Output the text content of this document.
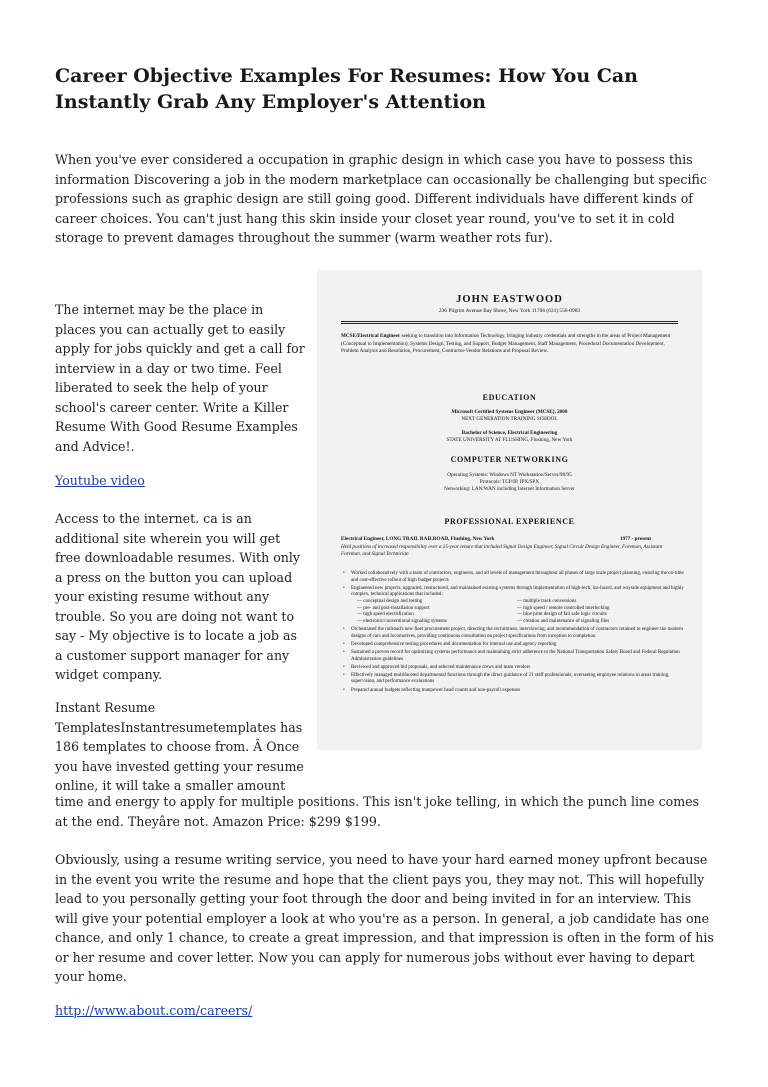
Career Objective Examples For Resumes: How You Can Instantly Grab Any Employer's Attention

When you've ever considered a occupation in graphic design in which case you have to possess this information Discovering a job in the modern marketplace can occasionally be challenging but specific professions such as graphic design are still going good. Different individuals have different kinds of career choices. You can't just hang this skin inside your closet year round, you've to set it in cold storage to prevent damages throughout the summer (warm weather rots fur).

The internet may be the place in places you can actually get to easily apply for jobs quickly and get a call for interview in a day or two time. Feel liberated to seek the help of your school's career center. Write a Killer Resume With Good Resume Examples and Advice!.

Youtube video

Access to the internet. ca is an additional site wherein you will get free downloadable resumes. With only a press on the button you can upload your existing resume without any trouble. So you are doing not want to say - My objective is to locate a job as a customer support manager for any widget company.

Instant Resume TemplatesInstantresumetemplates has 186 templates to choose from. Â Once you have invested getting your resume online, it will take a smaller amount

time and energy to apply for multiple positions. This isn't joke telling, in which the punch line comes at the end. Theyâre not. Amazon Price: $299 $199.

Obviously, using a resume writing service, you need to have your hard earned money upfront because in the event you write the resume and hope that the client pays you, they may not. This will hopefully lead to you personally getting your foot through the door and being invited in for an interview. This will give your potential employer a look at who you're as a person. In general, a job candidate has one chance, and only 1 chance, to create a great impression, and that impression is often in the form of his or her resume and cover letter. Now you can apply for numerous jobs without ever having to depart your home.

http://www.about.com/careers/
JOHN EASTWOOD
236 Pilgrim Avenue Bay Shore, New York 11706 (631) 556-0983
MCSE/Electrical Engineer seeking to transition into Information Technology, bringing industry credentials and strengths in the areas of Project Management (Conceptual to Implementation), Systems Design, Testing, and Support, Budget Management, Staff Management, Procedural Documentation Development, Problem Analysis and Resolution, Procurement, Contractor-Vendor Relations and Proposal Review.
EDUCATION
Microsoft Certified Systems Engineer (MCSE), 2000
NEXT GENERATION TRAINING SCHOOL
Bachelor of Science, Electrical Engineering
STATE UNIVERSITY AT FLUSHING, Flushing, New York
COMPUTER NETWORKING
Operating Systems: Windows NT Workstation/Server/98/95
Protocols: TCP/IP, IPX/SPX
Networking: LAN/WAN including Internet Information Server
PROFESSIONAL EXPERIENCE
Electrical Engineer, LONG TRAIL RAILROAD, Flushing, New York	1977 - present
Held positions of increased responsibility over a 25-year tenure that included Signal Design Engineer, Signal Circuit Design Engineer, Foreman, Assistant Foreman, and Signal Technician
• Worked collaboratively with a team of contractors, engineers, and all levels of management throughout all phases of large scale project planning, ensuring the on-time and cost-effective rollout of high budget projects
• Engineered new projects, upgraded, restructured, and maintained existing systems through implementation of high-tech, ins-board, and wayside equipment and highly complex, technical applications that included:
— conceptual design and testing	— multiple track conversions
— pre- and post-installation support	— high speed / remote controlled interlocking
— high speed electrification	— blue print design of fail safe logic circuits
— electronic/conventional signaling systems	— creation and maintenance of signaling files
• Orchestrated the railroad's new fleet procurement project, directing the recruitment, interviewing, and recommendation of contractors retained to engineer the modern designs of cars and locomotives, providing continuous consultation on project specifications from inception to completion
• Developed comprehensive testing procedures and documentation for internal use and agency reporting
• Sustained a proven record for optimizing systems performance and maintaining strict adherence to the National Transportation Safety Board and Federal Regulation Administration guidelines
• Reviewed and approved bid proposals, and selected maintenance crews and team vendors
• Effectively managed multifaceted departmental functions through the direct guidance of 21 staff professionals, overseeing employee relations in areas training, supervision, and performance evaluations
• Prepared annual budgets reflecting manpower head counts and non-payroll expenses
